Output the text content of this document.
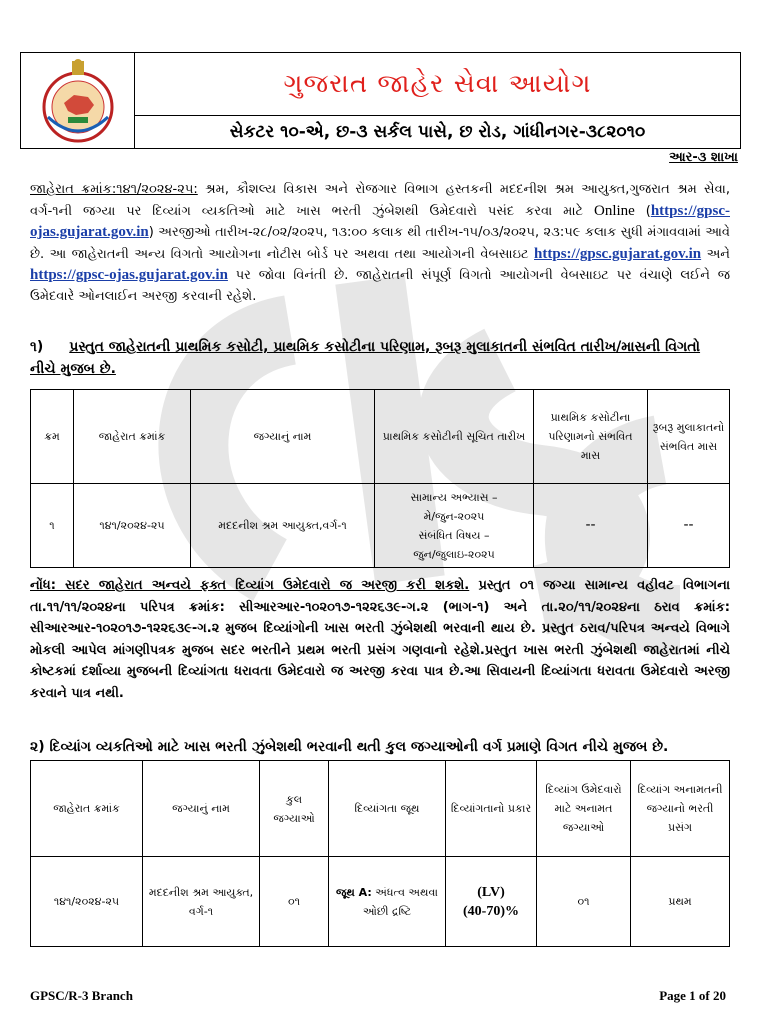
ગુજરાત જાહેર સેવા આયોગ
સેકટર ૧૦-એ, છ-૩ સર્કલ પાસે, છ રોડ, ગાંધીનગર-૩૮૨૦૧૦
આર-૩ શાખા
જાહેરાત ક્રમાંક:૧૪૧/૨૦૨૪-૨૫: શ્રમ, કૌશલ્ય વિકાસ અને રોજગાર વિભાગ હસ્તકની મદદનીશ શ્રમ આયુક્ત,ગુજરાત શ્રમ સેવા, વર્ગ-૧ની જગ્યા પર દિવ્યાંગ વ્યકતિઓ માટે ખાસ ભરતી ઝુંબેશથી ઉમેદવારો પસંદ કરવા માટે Online (https://gpsc-ojas.gujarat.gov.in) અરજીઓ તારીખ-૨૮/૦૨/૨૦૨૫, ૧૩:૦૦ કલાક થી તારીખ-૧૫/૦૩/૨૦૨૫, ૨૩:૫૯ કલાક સુધી મંગાવવામાં આવે છે. આ જાહેરાતની અન્ય વિગતો આયોગના નોટીસ બોર્ડ પર અથવા તથા આયોગની વેબસાઇટ https://gpsc.gujarat.gov.in અને https://gpsc-ojas.gujarat.gov.in પર જોવા વિનંતી છે. જાહેરાતની સંપૂર્ણ વિગતો આયોગની વેબસાઇટ પર વંચાણે લઈને જ ઉમેદવારે ઓનલાઈન અરજી કરવાની રહેશે.
૧) પ્રસ્તુત જાહેરાતની પ્રાથમિક કસોટી, પ્રાથમિક કસોટીના પરિણામ, રૂબરૂ મુલાકાતની સંભવિત તારીખ/માસની વિગતો નીચે મુજબ છે.
ક્રમ	જાહેરાત ક્રમાંક	જગ્યાનું નામ	પ્રાથમિક કસોટીની સૂચિત તારીખ	પ્રાથમિક કસોટીના પરિણામનો સંભવિત માસ	રૂબરૂ મુલાકાતનો સંભવિત માસ
૧	૧૪૧/૨૦૨૪-૨૫	મદદનીશ શ્રમ આયુક્ત,વર્ગ-૧	સામાન્ય અભ્યાસ –
મે/જુન-૨૦૨૫
સંબંધિત વિષય –
જુન/જુલાઇ-૨૦૨૫	--	--
નોંધ: સદર જાહેરાત અન્વયે ફક્ત દિવ્યાંગ ઉમેદવારો જ અરજી કરી શકશે. પ્રસ્તુત ૦૧ જગ્યા સામાન્ય વહીવટ વિભાગના તા.૧૧/૧૧/૨૦૨૪ના પરિપત્ર ક્રમાંક: સીઆરઆર-૧૦૨૦૧૭-૧૨૨૬૩૯-ગ.૨ (ભાગ-૧) અને તા.૨૦/૧૧/૨૦૨૪ના ઠરાવ ક્રમાંક: સીઆરઆર-૧૦૨૦૧૭-૧૨૨૬૩૯-ગ.૨ મુજબ દિવ્યાંગોની ખાસ ભરતી ઝુંબેશથી ભરવાની થાય છે. પ્રસ્તુત ઠરાવ/પરિપત્ર અન્વયે વિભાગે મોકલી આપેલ માંગણીપત્રક મુજબ સદર ભરતીને પ્રથમ ભરતી પ્રસંગ ગણવાનો રહેશે.પ્રસ્તુત ખાસ ભરતી ઝુંબેશથી જાહેરાતમાં નીચે કોષ્ટકમાં દર્શાવ્યા મુજબની દિવ્યાંગતા ધરાવતા ઉમેદવારો જ અરજી કરવા પાત્ર છે.આ સિવાયની દિવ્યાંગતા ધરાવતા ઉમેદવારો અરજી કરવાને પાત્ર નથી.
૨) દિવ્યાંગ વ્યકતિઓ માટે ખાસ ભરતી ઝુંબેશથી ભરવાની થતી કુલ જગ્યાઓની વર્ગ પ્રમાણે વિગત નીચે મુજબ છે.
જાહેરાત ક્રમાંક	જગ્યાનું નામ	કુલ જગ્યાઓ	દિવ્યાંગતા જૂથ	દિવ્યાંગતાનો પ્રકાર	દિવ્યાંગ ઉમેદવારો માટે અનામત જગ્યાઓ	દિવ્યાંગ અનામતની જગ્યાનો ભરતી પ્રસંગ
૧૪૧/૨૦૨૪-૨૫	મદદનીશ શ્રમ આયુક્ત, વર્ગ-૧	૦૧	જૂથ A: અંધત્વ અથવા ઓછી દ્રષ્ટિ	(LV)
(40-70)%	૦૧	પ્રથમ
GPSC/R-3 Branch	Page 1 of 20
